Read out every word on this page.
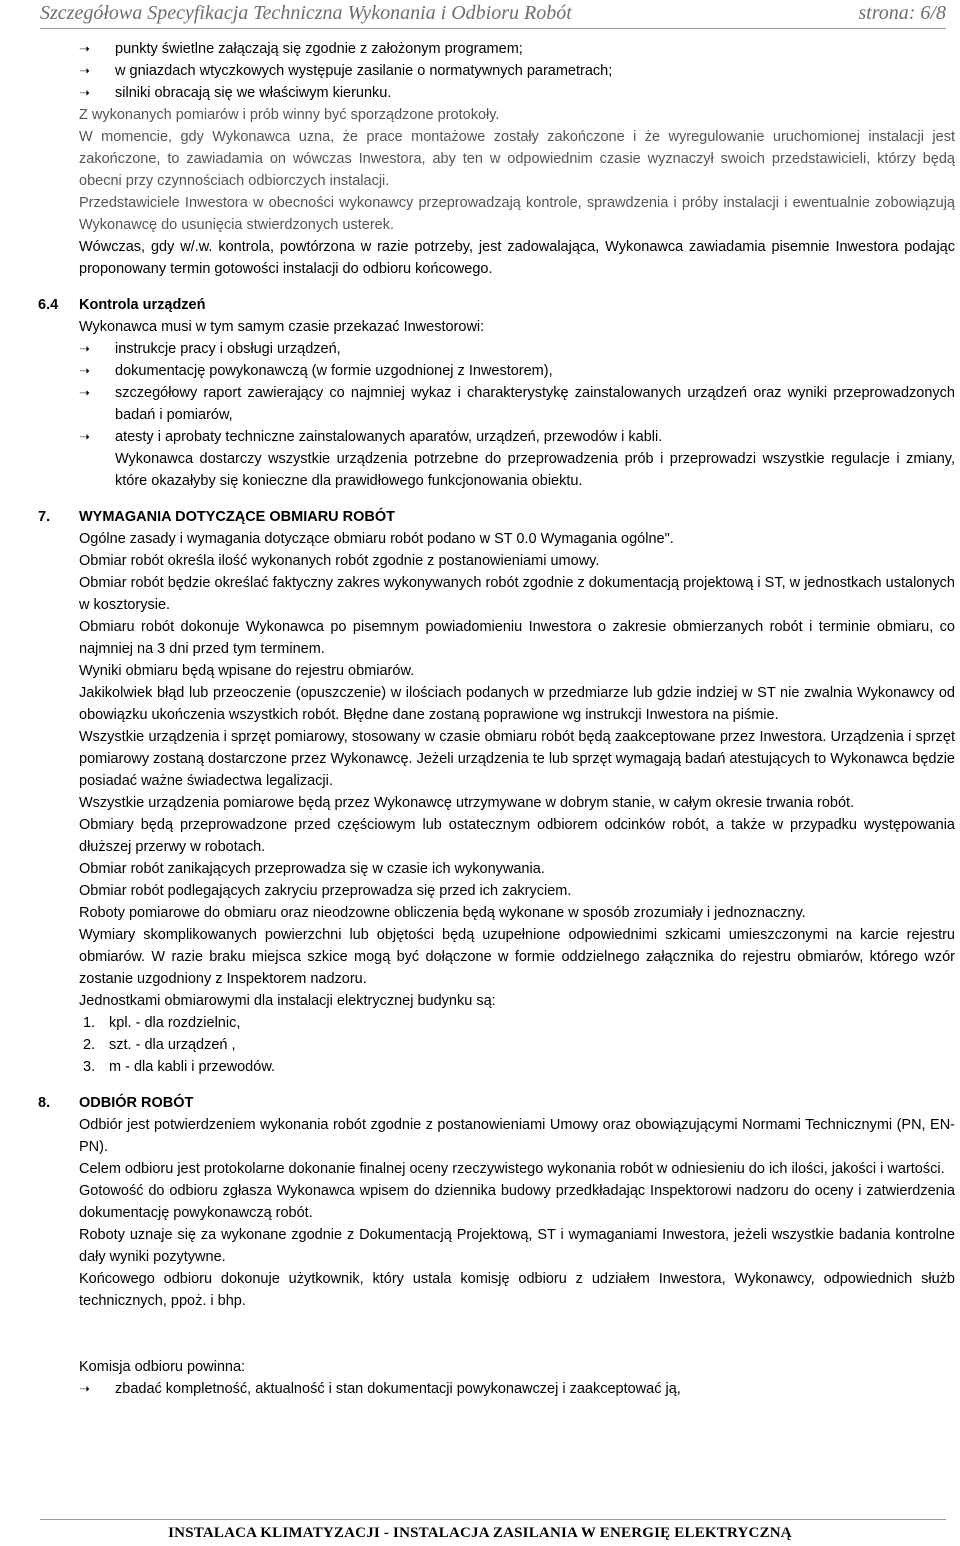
Szczegółowa Specyfikacja Techniczna Wykonania i Odbioru Robót	strona: 6/8
➝ punkty świetlne załączają się zgodnie z założonym programem;
➝ w gniazdach wtyczkowych występuje zasilanie o normatywnych parametrach;
➝ silniki obracają się we właściwym kierunku.

Z wykonanych pomiarów i prób winny być sporządzone protokoły.

W momencie, gdy Wykonawca uzna, że prace montażowe zostały zakończone i że wyregulowanie uruchomionej instalacji jest zakończone, to zawiadamia on wówczas Inwestora, aby ten w odpowiednim czasie wyznaczył swoich przedstawicieli, którzy będą obecni przy czynnościach odbiorczych instalacji.

Przedstawiciele Inwestora w obecności wykonawcy przeprowadzają kontrole, sprawdzenia i próby instalacji i ewentualnie zobowiązują Wykonawcę do usunięcia stwierdzonych usterek.

Wówczas, gdy w/.w. kontrola, powtórzona w razie potrzeby, jest zadowalająca, Wykonawca zawiadamia pisemnie Inwestora podając proponowany termin gotowości instalacji do odbioru końcowego.

6.4 Kontrola urządzeń

Wykonawca musi w tym samym czasie przekazać Inwestorowi:

➝ instrukcje pracy i obsługi urządzeń,
➝ dokumentację powykonawczą (w formie uzgodnionej z Inwestorem),
➝ szczegółowy raport zawierający co najmniej wykaz i charakterystykę zainstalowanych urządzeń oraz wyniki przeprowadzonych badań i pomiarów,
➝ atesty i aprobaty techniczne zainstalowanych aparatów, urządzeń, przewodów i kabli.

Wykonawca dostarczy wszystkie urządzenia potrzebne do przeprowadzenia prób i przeprowadzi wszystkie regulacje i zmiany, które okazałyby się konieczne dla prawidłowego funkcjonowania obiektu.

7. WYMAGANIA DOTYCZĄCE OBMIARU ROBÓT

Ogólne zasady i wymagania dotyczące obmiaru robót podano w ST 0.0 Wymagania ogólne".

Obmiar robót określa ilość wykonanych robót zgodnie z postanowieniami umowy.

Obmiar robót będzie określać faktyczny zakres wykonywanych robót zgodnie z dokumentacją projektową i ST, w jednostkach ustalonych w kosztorysie.

Obmiaru robót dokonuje Wykonawca po pisemnym powiadomieniu Inwestora o zakresie obmierzanych robót i terminie obmiaru, co najmniej na 3 dni przed tym terminem.

Wyniki obmiaru będą wpisane do rejestru obmiarów.

Jakikolwiek błąd lub przeoczenie (opuszczenie) w ilościach podanych w przedmiarze lub gdzie indziej w ST nie zwalnia Wykonawcy od obowiązku ukończenia wszystkich robót. Błędne dane zostaną poprawione wg instrukcji Inwestora na piśmie.

Wszystkie urządzenia i sprzęt pomiarowy, stosowany w czasie obmiaru robót będą zaakceptowane przez Inwestora. Urządzenia i sprzęt pomiarowy zostaną dostarczone przez Wykonawcę. Jeżeli urządzenia te lub sprzęt wymagają badań atestujących to Wykonawca będzie posiadać ważne świadectwa legalizacji.

Wszystkie urządzenia pomiarowe będą przez Wykonawcę utrzymywane w dobrym stanie, w całym okresie trwania robót.

Obmiary będą przeprowadzone przed częściowym lub ostatecznym odbiorem odcinków robót, a także w przypadku występowania dłuższej przerwy w robotach.

Obmiar robót zanikających przeprowadza się w czasie ich wykonywania.

Obmiar robót podlegających zakryciu przeprowadza się przed ich zakryciem.

Roboty pomiarowe do obmiaru oraz nieodzowne obliczenia będą wykonane w sposób zrozumiały i jednoznaczny.

Wymiary skomplikowanych powierzchni lub objętości będą uzupełnione odpowiednimi szkicami umieszczonymi na karcie rejestru obmiarów. W razie braku miejsca szkice mogą być dołączone w formie oddzielnego załącznika do rejestru obmiarów, którego wzór zostanie uzgodniony z Inspektorem nadzoru.

Jednostkami obmiarowymi dla instalacji elektrycznej budynku są:

1. kpl. - dla rozdzielnic,
2. szt. - dla urządzeń ,
3. m - dla kabli i przewodów.
8. ODBIÓR ROBÓT

Odbiór jest potwierdzeniem wykonania robót zgodnie z postanowieniami Umowy oraz obowiązującymi Normami Technicznymi (PN, EN-PN).

Celem odbioru jest protokolarne dokonanie finalnej oceny rzeczywistego wykonania robót w odniesieniu do ich ilości, jakości i wartości.

Gotowość do odbioru zgłasza Wykonawca wpisem do dziennika budowy przedkładając Inspektorowi nadzoru do oceny i zatwierdzenia dokumentację powykonawczą robót.

Roboty uznaje się za wykonane zgodnie z Dokumentacją Projektową, ST i wymaganiami Inwestora, jeżeli wszystkie badania kontrolne dały wyniki pozytywne.

Końcowego odbioru dokonuje użytkownik, który ustala komisję odbioru z udziałem Inwestora, Wykonawcy, odpowiednich służb technicznych, ppoż. i bhp.

Komisja odbioru powinna:

➝ zbadać kompletność, aktualność i stan dokumentacji powykonawczej i zaakceptować ją,
INSTALACA KLIMATYZACJI - INSTALACJA ZASILANIA W ENERGIĘ ELEKTRYCZNĄ
